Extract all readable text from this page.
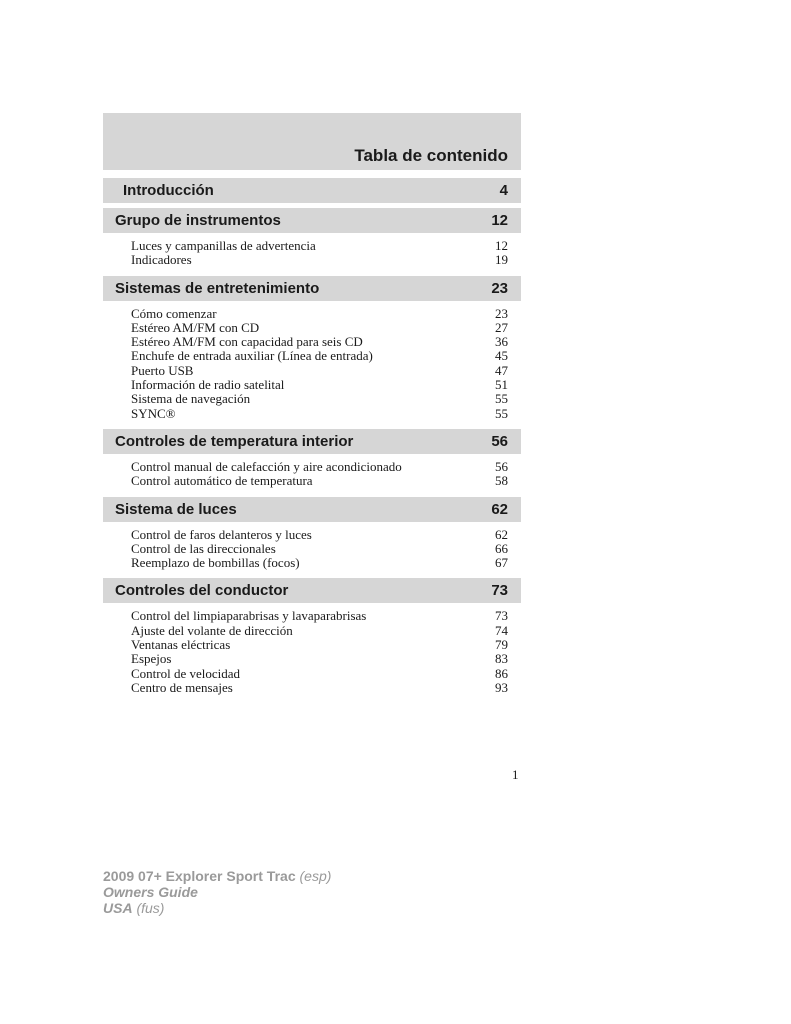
Tabla de contenido
Introducción	4
Grupo de instrumentos	12
Luces y campanillas de advertencia	12
Indicadores	19
Sistemas de entretenimiento	23
Cómo comenzar	23
Estéreo AM/FM con CD	27
Estéreo AM/FM con capacidad para seis CD	36
Enchufe de entrada auxiliar (Línea de entrada)	45
Puerto USB	47
Información de radio satelital	51
Sistema de navegación	55
SYNC®	55
Controles de temperatura interior	56
Control manual de calefacción y aire acondicionado	56
Control automático de temperatura	58
Sistema de luces	62
Control de faros delanteros y luces	62
Control de las direccionales	66
Reemplazo de bombillas (focos)	67
Controles del conductor	73
Control del limpiaparabrisas y lavaparabrisas	73
Ajuste del volante de dirección	74
Ventanas eléctricas	79
Espejos	83
Control de velocidad	86
Centro de mensajes	93
1
2009 07+ Explorer Sport Trac (esp)
Owners Guide
USA (fus)
